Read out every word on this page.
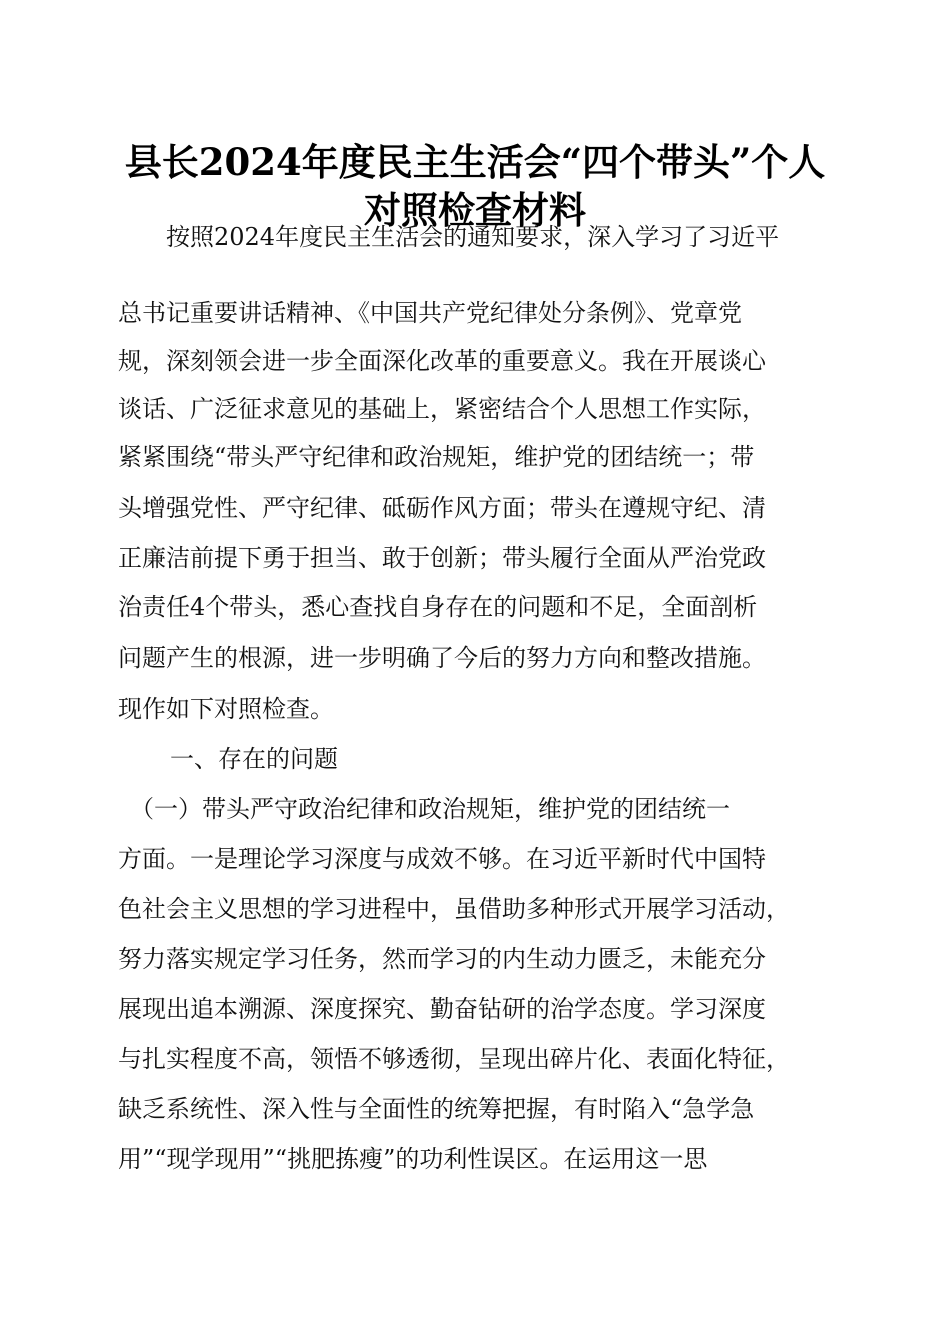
县长2024年度民主生活会“四个带头”个人
对照检查材料
　　按照2024年度民主生活会的通知要求，深入学习了习近平
总书记重要讲话精神、《中国共产党纪律处分条例》、党章党
规，深刻领会进一步全面深化改革的重要意义。我在开展谈心
谈话、广泛征求意见的基础上，紧密结合个人思想工作实际，
紧紧围绕“带头严守纪律和政治规矩，维护党的团结统一；带
头增强党性、严守纪律、砥砺作风方面；带头在遵规守纪、清
正廉洁前提下勇于担当、敢于创新；带头履行全面从严治党政
治责任4个带头，悉心查找自身存在的问题和不足，全面剖析
问题产生的根源，进一步明确了今后的努力方向和整改措施。
现作如下对照检查。
一、存在的问题
　（一）带头严守政治纪律和政治规矩，维护党的团结统一
方面。一是理论学习深度与成效不够。在习近平新时代中国特
色社会主义思想的学习进程中，虽借助多种形式开展学习活动，
努力落实规定学习任务，然而学习的内生动力匮乏，未能充分
展现出追本溯源、深度探究、勤奋钻研的治学态度。学习深度
与扎实程度不高，领悟不够透彻，呈现出碎片化、表面化特征，
缺乏系统性、深入性与全面性的统筹把握，有时陷入“急学急
用”“现学现用”“挑肥拣瘦”的功利性误区。在运用这一思
